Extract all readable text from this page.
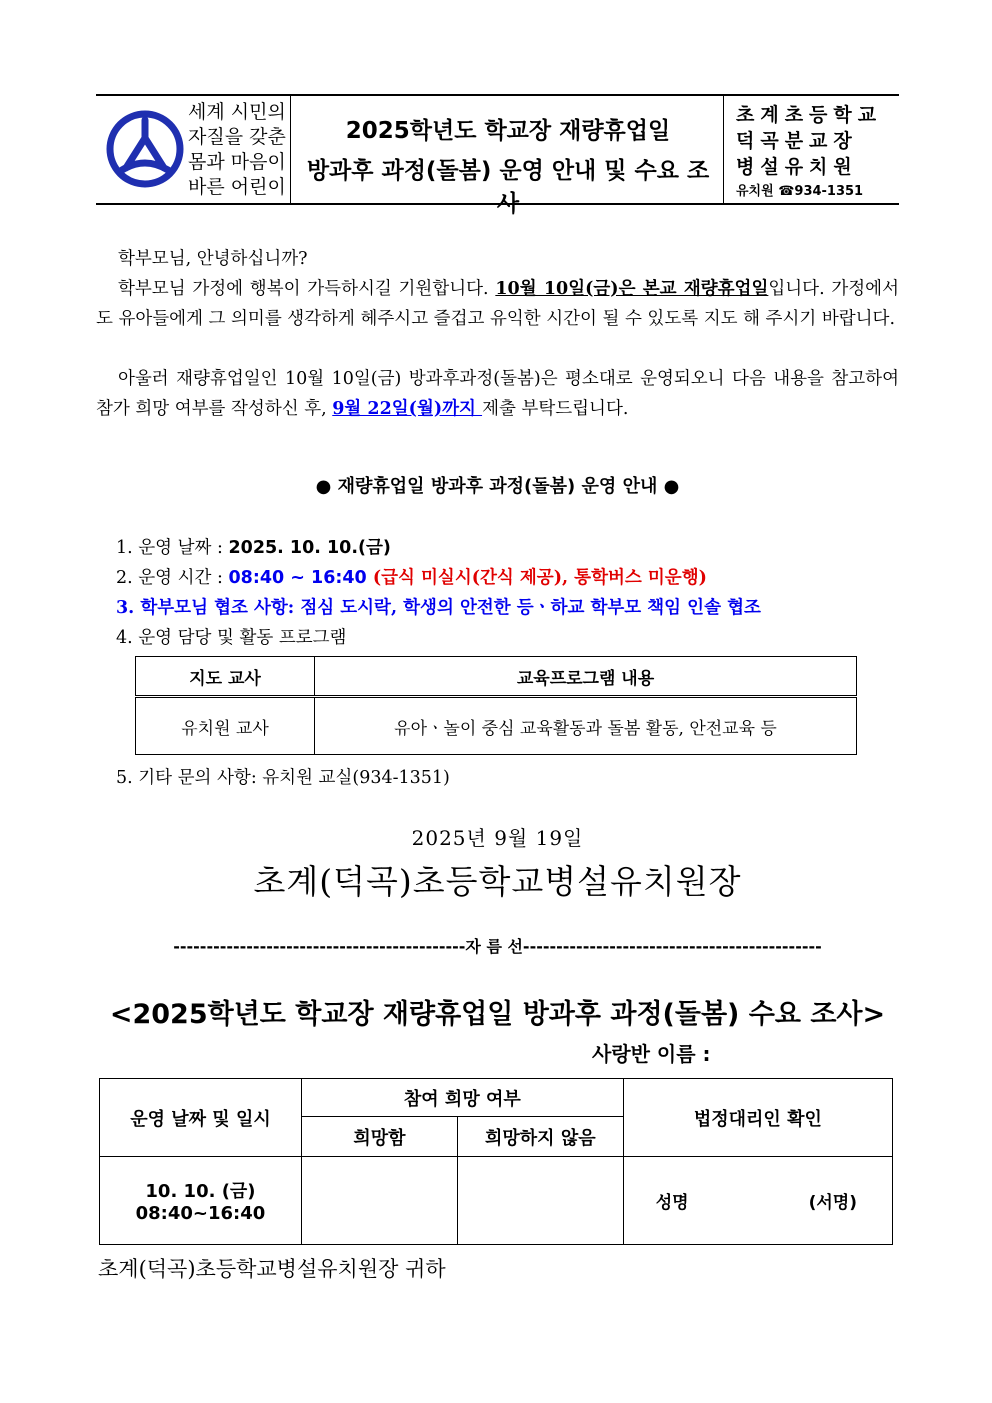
세계 시민의
자질을 갖춘
몸과 마음이
바른 어린이
2025학년도 학교장 재량휴업일
방과후 과정(돌봄) 운영 안내 및 수요 조사
초계초등학교
덕곡분교장
병설유치원
유치원 ☎934-1351
학부모님, 안녕하십니까?
학부모님 가정에 행복이 가득하시길 기원합니다. 10월 10일(금)은 본교 재량휴업일입니다. 가정에서도 유아들에게 그 의미를 생각하게 헤주시고 즐겁고 유익한 시간이 될 수 있도록 지도 해 주시기 바랍니다.
아울러 재량휴업일인 10월 10일(금) 방과후과정(돌봄)은 평소대로 운영되오니 다음 내용을 참고하여 참가 희망 여부를 작성하신 후, 9월 22일(월)까지 제출 부탁드립니다.
● 재량휴업일 방과후 과정(돌봄) 운영 안내 ●
1. 운영 날짜 : 2025. 10. 10.(금)
2. 운영 시간 : 08:40 ~ 16:40 (급식 미실시(간식 제공), 통학버스 미운행)
3. 학부모님 협조 사항: 점심 도시락, 학생의 안전한 등ㆍ하교 학부모 책임 인솔 협조
4. 운영 담당 및 활동 프로그램
지도 교사	교육프로그램 내용
유치원 교사	유아ㆍ놀이 중심 교육활동과 돌봄 활동, 안전교육 등
5. 기타 문의 사항: 유치원 교실(934-1351)
2025년 9월 19일
초계(덕곡)초등학교병설유치원장
--------------------------------------------자 름 선---------------------------------------------
<2025학년도 학교장 재량휴업일 방과후 과정(돌봄) 수요 조사>
사랑반 이름 :
운영 날짜 및 일시	참여 희망 여부		법정대리인 확인
	희망함	희망하지 않음	

10. 10. (금)
08:40~16:40			성명 (서명)
초계(덕곡)초등학교병설유치원장 귀하
